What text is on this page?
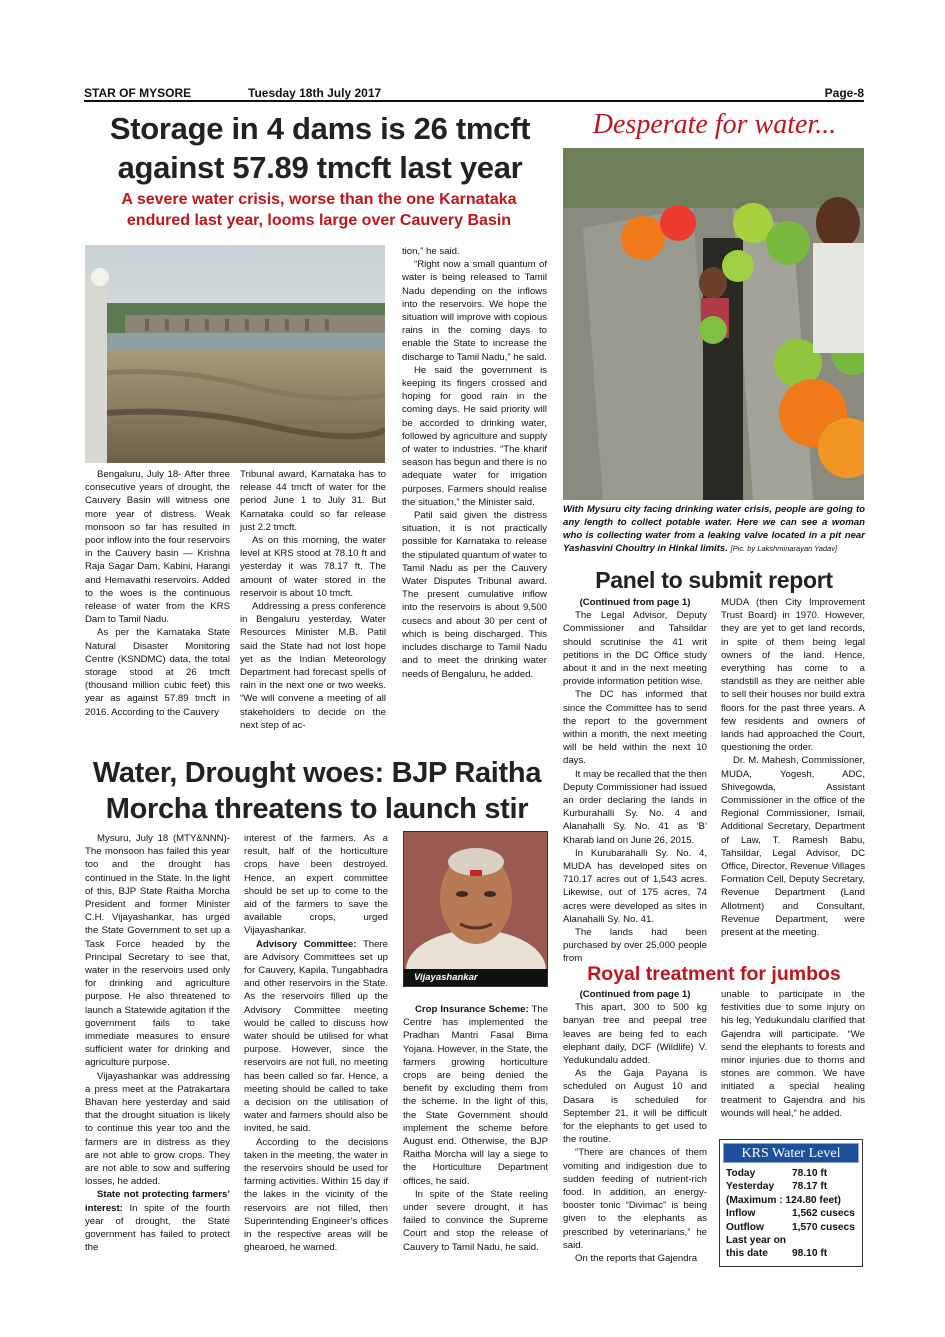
STAR OF MYSORE	Tuesday 18th July 2017	Page-8
Storage in 4 dams is 26 tmcft
against 57.89 tmcft last year
A severe water crisis, worse than the one Karnataka
endured last year, looms large over Cauvery Basin

Bengaluru, July 18- After three consecutive years of drought, the Cauvery Basin will witness one more year of distress. Weak monsoon so far has resulted in poor inflow into the four reservoirs in the Cauvery basin — Krishna Raja Sagar Dam, Kabini, Harangi and Hemavathi reservoirs. Added to the woes is the continuous release of water from the KRS Dam to Tamil Nadu.

As per the Karnataka State Natural Disaster Monitoring Centre (KSNDMC) data, the total storage stood at 26 tmcft (thousand million cubic feet) this year as against 57.89 tmcft in 2016. According to the Cauvery

Tribunal award, Karnataka has to release 44 tmcft of water for the period June 1 to July 31. But Karnataka could so far release just 2.2 tmcft.

As on this morning, the water level at KRS stood at 78.10 ft and yesterday it was 78.17 ft. The amount of water stored in the reservoir is about 10 tmcft.

Addressing a press conference in Bengaluru yesterday, Water Resources Minister M.B. Patil said the State had not lost hope yet as the Indian Meteorology Department had forecast spells of rain in the next one or two weeks. “We will convene a meeting of all stakeholders to decide on the next step of ac-

tion,” he said.

“Right now a small quantum of water is being released to Tamil Nadu depending on the inflows into the reservoirs. We hope the situation will improve with copious rains in the coming days to enable the State to increase the discharge to Tamil Nadu,” he said.

He said the government is keeping its fingers crossed and hoping for good rain in the coming days. He said priority will be accorded to drinking water, followed by agriculture and supply of water to industries. “The kharif season has begun and there is no adequate water for irrigation purposes. Farmers should realise the situation,” the Minister said.

Patil said given the distress situation, it is not practically possible for Karnataka to release the stipulated quantum of water to Tamil Nadu as per the Cauvery Water Disputes Tribunal award. The present cumulative inflow into the reservoirs is about 9,500 cusecs and about 30 per cent of which is being discharged. This includes discharge to Tamil Nadu and to meet the drinking water needs of Bengaluru, he added.

Desperate for water...
With Mysuru city facing drinking water crisis, people are going to any length to collect potable water. Here we can see a woman who is collecting water from a leaking valve located in a pit near Yashasvini Choultry in Hinkal limits. [Pic. by Lakshminarayan Yadav]
Panel to submit report
(Continued from page 1)

The Legal Advisor, Deputy Commissioner and Tahsildar should scrutinise the 41 writ petitions in the DC Office study about it and in the next meeting provide information petition wise.

The DC has informed that since the Committee has to send the report to the government within a month, the next meeting will be held within the next 10 days.

It may be recalled that the then Deputy Commissioner had issued an order declaring the lands in Kurburahalli Sy. No. 4 and Alanahalli Sy. No. 41 as ‘B’ Kharab land on June 26, 2015.

In Kurubarahalli Sy. No. 4, MUDA has developed sites on 710.17 acres out of 1,543 acres. Likewise, out of 175 acres, 74 acres were developed as sites in Alanahalli Sy. No. 41.

The lands had been purchased by over 25,000 people from

MUDA (then City Improvement Trust Board) in 1970. However, they are yet to get land records, in spite of them being legal owners of the land. Hence, everything has come to a standstill as they are neither able to sell their houses nor build extra floors for the past three years. A few residents and owners of lands had approached the Court, questioning the order.

Dr. M. Mahesh, Commissioner, MUDA, Yogesh, ADC, Shivegowda, Assistant Commissioner in the office of the Regional Commissioner, Ismail, Additional Secretary, Department of Law, T. Ramesh Babu, Tahsildar, Legal Advisor, DC Office, Director, Revenue Villages Formation Cell, Deputy Secretary, Revenue Department (Land Allotment) and Consultant, Revenue Department, were present at the meeting.

Royal treatment for jumbos
(Continued from page 1)

This apart, 300 to 500 kg banyan tree and peepal tree leaves are being fed to each elephant daily, DCF (Wildlife) V. Yedukundalu added.

As the Gaja Payana is scheduled on August 10 and Dasara is scheduled for September 21, it will be difficult for the elephants to get used to the routine.

“There are chances of them vomiting and indigestion due to sudden feeding of nutrient-rich food. In addition, an energy-booster tonic “Divimac” is being given to the elephants as prescribed by veterinarians,” he said.

On the reports that Gajendra

unable to participate in the festivities due to some injury on his leg, Yedukundalu clarified that Gajendra will participate. “We send the elephants to forests and minor injuries due to thorns and stones are common. We have initiated a special healing treatment to Gajendra and his wounds will heal,” he added.

KRS Water Level
Today	78.10 ft
Yesterday 78.17 ft
(Maximum : 124.80 feet)
Inflow	1,562 cusecs
Outflow	1,570 cusecs
Last year on
this date 98.10 ft
Water, Drought woes: BJP Raitha
Morcha threatens to launch stir

Mysuru, July 18 (MTY&NNN)- The monsoon has failed this year too and the drought has continued in the State. In the light of this, BJP State Raitha Morcha President and former Minister C.H. Vijayashankar, has urged the State Government to set up a Task Force headed by the Principal Secretary to see that, water in the reservoirs used only for drinking and agriculture purpose. He also threatened to launch a Statewide agitation if the government fails to take immediate measures to ensure sufficient water for drinking and agriculture purpose.

Vijayashankar was addressing a press meet at the Patrakartara Bhavan here yesterday and said that the drought situation is likely to continue this year too and the farmers are in distress as they are not able to grow crops. They are not able to sow and suffering losses, he added.

State not protecting farmers’ interest: In spite of the fourth year of drought, the State government has failed to protect the

interest of the farmers. As a result, half of the horticulture crops have been destroyed. Hence, an expert committee should be set up to come to the aid of the farmers to save the available crops, urged Vijayashankar.

Advisory Committee: There are Advisory Committees set up for Cauvery, Kapila, Tungabhadra and other reservoirs in the State. As the reservoirs filled up the Advisory Committee meeting would be called to discuss how water should be utilised for what purpose. However, since the reservoirs are not full, no meeting has been called so far. Hence, a meeting should be called to take a decision on the utilisation of water and farmers should also be invited, he said.

According to the decisions taken in the meeting, the water in the reservoirs should be used for farming activities. Within 15 day if the lakes in the vicinity of the reservoirs are not filled, then Superintending Engineer’s offices in the respective areas will be ghearoed, he warned.

Vijayashankar

Crop Insurance Scheme: The Centre has implemented the Pradhan Mantri Fasal Bima Yojana. However, in the State, the farmers growing horticulture crops are being denied the benefit by excluding them from the scheme. In the light of this, the State Government should implement the scheme before August end. Otherwise, the BJP Raitha Morcha will lay a siege to the Horticulture Department offices, he said.

In spite of the State reeling under severe drought, it has failed to convince the Supreme Court and stop the release of Cauvery to Tamil Nadu, he said.
